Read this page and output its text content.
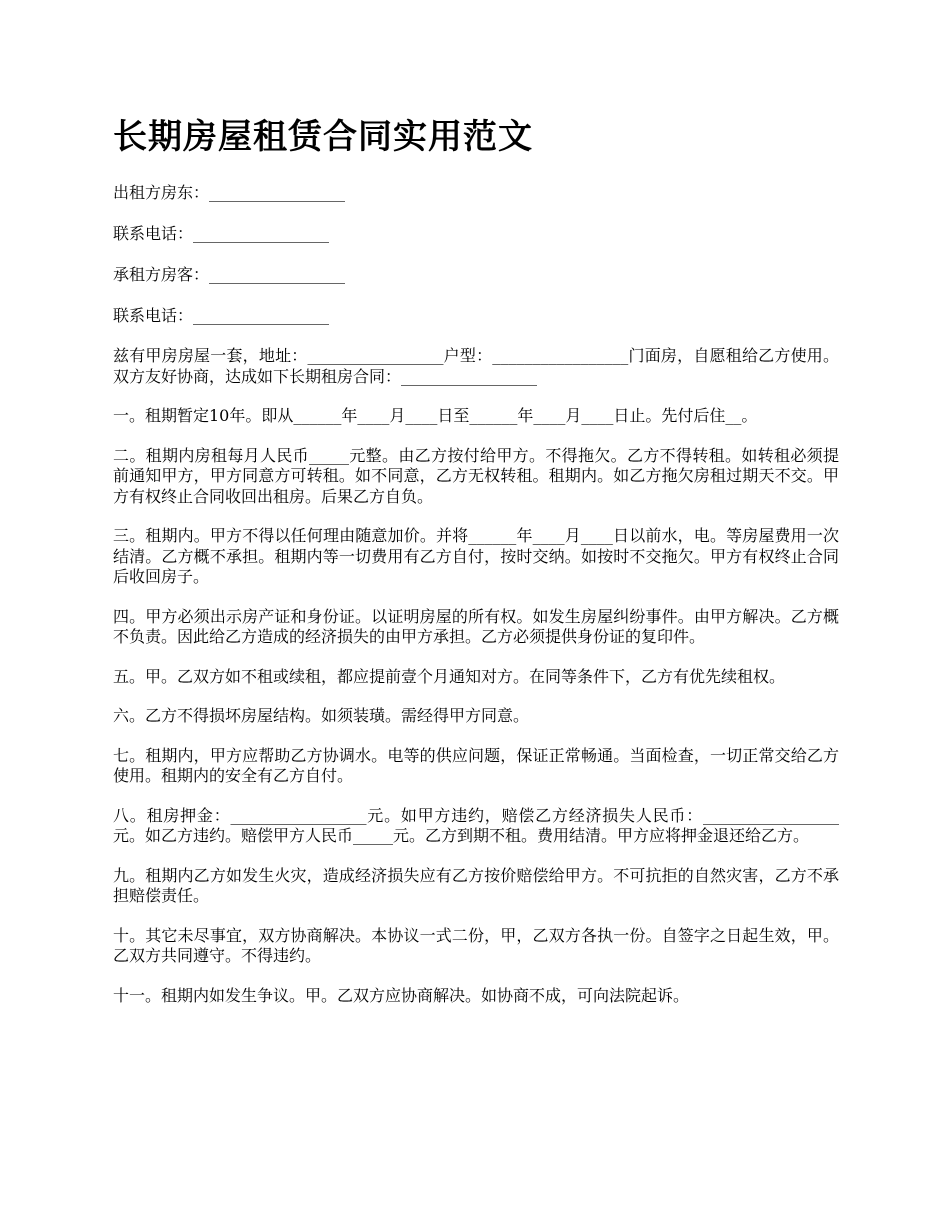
长期房屋租赁合同实用范文

出租方房东：_________________

联系电话：_________________

承租方房客：_________________

联系电话：_________________

兹有甲房房屋一套，地址：_________________户型：_________________门面房，自愿租给乙方使用。双方友好协商，达成如下长期租房合同：_________________

一。租期暂定10年。即从______年____月____日至______年____月____日止。先付后住__。

二。租期内房租每月人民币_____元整。由乙方按付给甲方。不得拖欠。乙方不得转租。如转租必须提前通知甲方，甲方同意方可转租。如不同意，乙方无权转租。租期内。如乙方拖欠房租过期天不交。甲方有权终止合同收回出租房。后果乙方自负。

三。租期内。甲方不得以任何理由随意加价。并将______年____月____日以前水，电。等房屋费用一次结清。乙方概不承担。租期内等一切费用有乙方自付，按时交纳。如按时不交拖欠。甲方有权终止合同后收回房子。

四。甲方必须出示房产证和身份证。以证明房屋的所有权。如发生房屋纠纷事件。由甲方解决。乙方概不负责。因此给乙方造成的经济损失的由甲方承担。乙方必须提供身份证的复印件。

五。甲。乙双方如不租或续租，都应提前壹个月通知对方。在同等条件下，乙方有优先续租权。

六。乙方不得损坏房屋结构。如须装璜。需经得甲方同意。

七。租期内，甲方应帮助乙方协调水。电等的供应问题，保证正常畅通。当面检查，一切正常交给乙方使用。租期内的安全有乙方自付。

八。租房押金：_________________元。如甲方违约，赔偿乙方经济损失人民币：_________________元。如乙方违约。赔偿甲方人民币_____元。乙方到期不租。费用结清。甲方应将押金退还给乙方。

九。租期内乙方如发生火灾，造成经济损失应有乙方按价赔偿给甲方。不可抗拒的自然灾害，乙方不承担赔偿责任。

十。其它未尽事宜，双方协商解决。本协议一式二份，甲，乙双方各执一份。自签字之日起生效，甲。乙双方共同遵守。不得违约。

十一。租期内如发生争议。甲。乙双方应协商解决。如协商不成，可向法院起诉。
